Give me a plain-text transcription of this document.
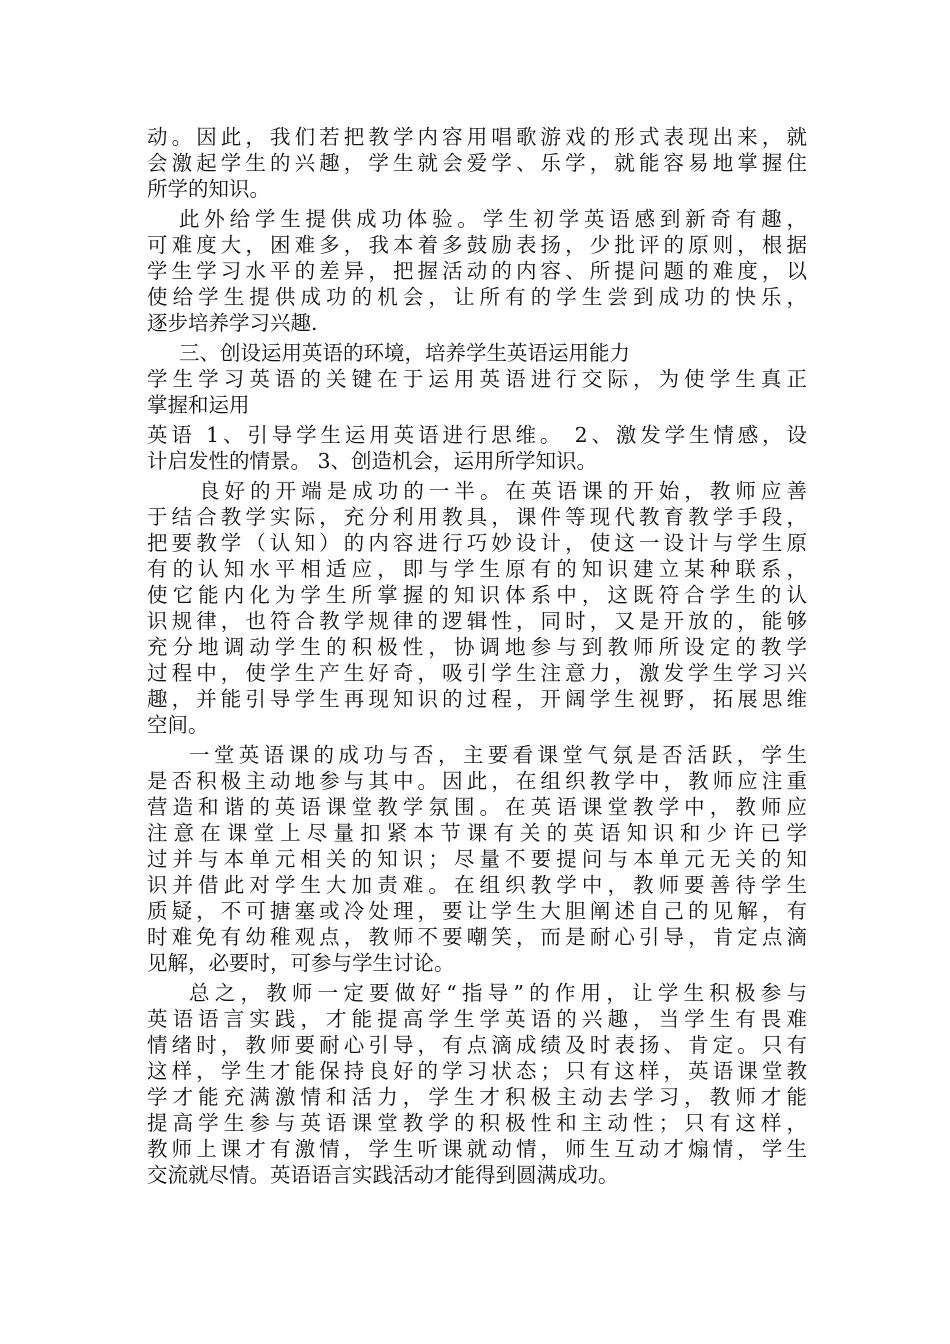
动。因此，我们若把教学内容用唱歌游戏的形式表现出来，就
会激起学生的兴趣，学生就会爱学、乐学，就能容易地掌握住
所学的知识。
此外给学生提供成功体验。学生初学英语感到新奇有趣，
可难度大，困难多，我本着多鼓励表扬，少批评的原则，根据
学生学习水平的差异，把握活动的内容、所提问题的难度，以
使给学生提供成功的机会，让所有的学生尝到成功的快乐，
逐步培养学习兴趣.
三、创设运用英语的环境，培养学生英语运用能力
学生学习英语的关键在于运用英语进行交际，为使学生真正
掌握和运用
英语 1、引导学生运用英语进行思维。 2、激发学生情感，设
计启发性的情景。 3、创造机会，运用所学知识。
良好的开端是成功的一半。在英语课的开始，教师应善
于结合教学实际，充分利用教具，课件等现代教育教学手段，
把要教学（认知）的内容进行巧妙设计，使这一设计与学生原
有的认知水平相适应，即与学生原有的知识建立某种联系，
使它能内化为学生所掌握的知识体系中，这既符合学生的认
识规律，也符合教学规律的逻辑性，同时，又是开放的，能够
充分地调动学生的积极性，协调地参与到教师所设定的教学
过程中，使学生产生好奇，吸引学生注意力，激发学生学习兴
趣，并能引导学生再现知识的过程，开阔学生视野，拓展思维
空间。
一堂英语课的成功与否，主要看课堂气氛是否活跃，学生
是否积极主动地参与其中。因此，在组织教学中，教师应注重
营造和谐的英语课堂教学氛围。在英语课堂教学中，教师应
注意在课堂上尽量扣紧本节课有关的英语知识和少许已学
过并与本单元相关的知识；尽量不要提问与本单元无关的知
识并借此对学生大加责难。在组织教学中，教师要善待学生
质疑，不可搪塞或冷处理，要让学生大胆阐述自己的见解，有
时难免有幼稚观点，教师不要嘲笑，而是耐心引导，肯定点滴
见解，必要时，可参与学生讨论。
总之，教师一定要做好“指导”的作用，让学生积极参与
英语语言实践，才能提高学生学英语的兴趣，当学生有畏难
情绪时，教师要耐心引导，有点滴成绩及时表扬、肯定。只有
这样，学生才能保持良好的学习状态；只有这样，英语课堂教
学才能充满激情和活力，学生才积极主动去学习，教师才能
提高学生参与英语课堂教学的积极性和主动性；只有这样，
教师上课才有激情，学生听课就动情，师生互动才煽情，学生
交流就尽情。英语语言实践活动才能得到圆满成功。
